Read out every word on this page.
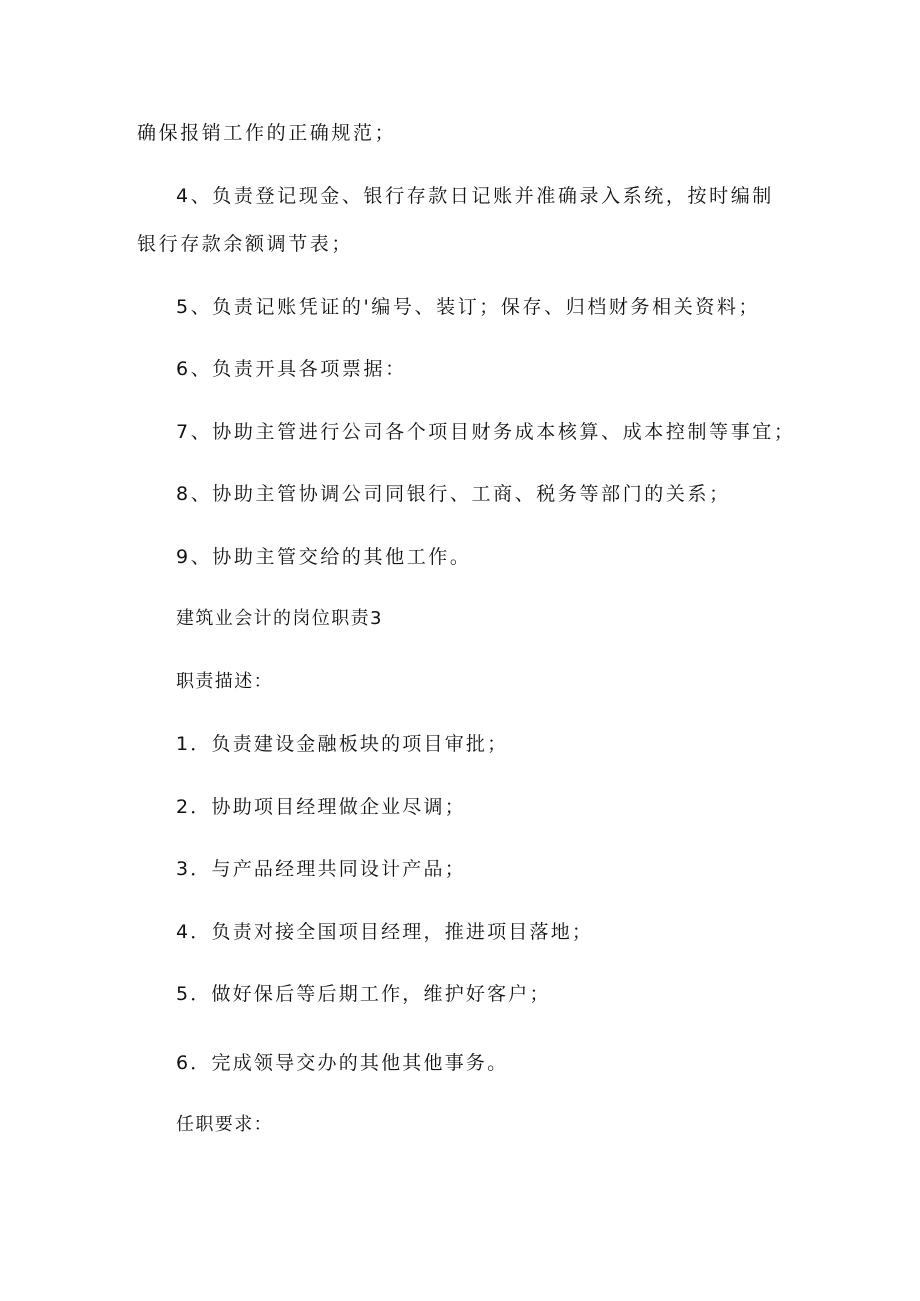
确保报销工作的正确规范；

4、负责登记现金、银行存款日记账并准确录入系统，按时编制

银行存款余额调节表；

5、负责记账凭证的'编号、装订；保存、归档财务相关资料；

6、负责开具各项票据：

7、协助主管进行公司各个项目财务成本核算、成本控制等事宜；

8、协助主管协调公司同银行、工商、税务等部门的关系；

9、协助主管交给的其他工作。

建筑业会计的岗位职责3

职责描述：

1．负责建设金融板块的项目审批；

2．协助项目经理做企业尽调；

3．与产品经理共同设计产品；

4．负责对接全国项目经理，推进项目落地；

5．做好保后等后期工作，维护好客户；

6．完成领导交办的其他其他事务。

任职要求：
